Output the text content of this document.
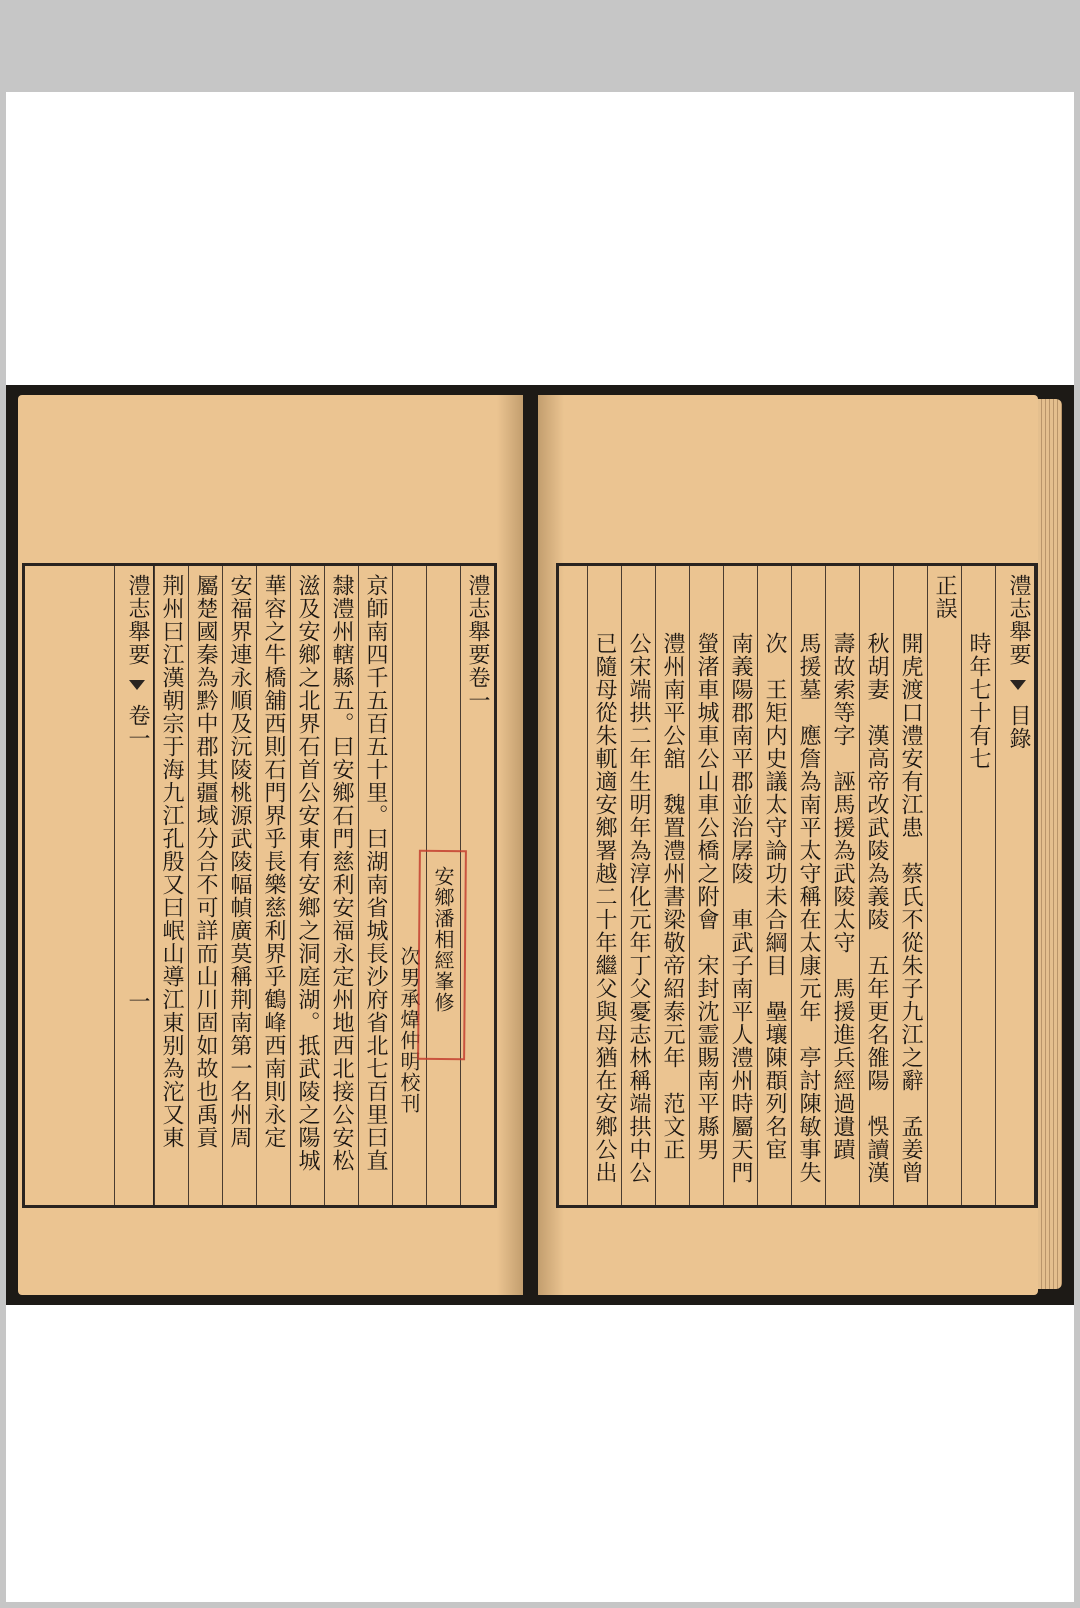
澧志舉要卷一
安鄉潘相經峯修
次男承煒仲明校刊
京師南四千五百五十里。曰湖南省城長沙府省北七百里曰直
隸澧州轄縣五。曰安鄉石門慈利安福永定州地西北接公安松
滋及安鄉之北界石首公安東有安鄉之洞庭湖。抵武陵之陽城
華容之牛橋舖西則石門界乎長樂慈利界乎鶴峰西南則永定
安福界連永順及沅陵桃源武陵幅幀廣莫稱荆南第一名州周
屬楚國秦為黔中郡其疆域分合不可詳而山川固如故也禹貢
荆州曰江漢朝宗于海九江孔殷又曰岷山導江東别為沱又東
澧志舉要卷一一
澧志舉要目錄
時年七十有七
正誤
開虎渡口澧安有江患　蔡氏不從朱子九江之辭　孟姜曾
秋胡妻　漢高帝改武陵為義陵　五年更名雒陽　悞讀漢
壽故索等字　誣馬援為武陵太守　馬援進兵經過遺蹟
馬援墓　應詹為南平太守稱在太康元年　亭討陳敏事失
次　王矩内史議太守論功未合綱目　壘壤陳頵列名宦
南義陽郡南平郡並治孱陵　車武子南平人澧州時屬天門
螢渚車城車公山車公橋之附會　宋封沈霊賜南平縣男
澧州南平公舘　魏置澧州書梁敬帝紹泰元年　范文正
公宋端拱二年生明年為淳化元年丁父憂志林稱端拱中公
已隨母從朱軏適安鄉署越二十年繼父與母猶在安鄉公出
